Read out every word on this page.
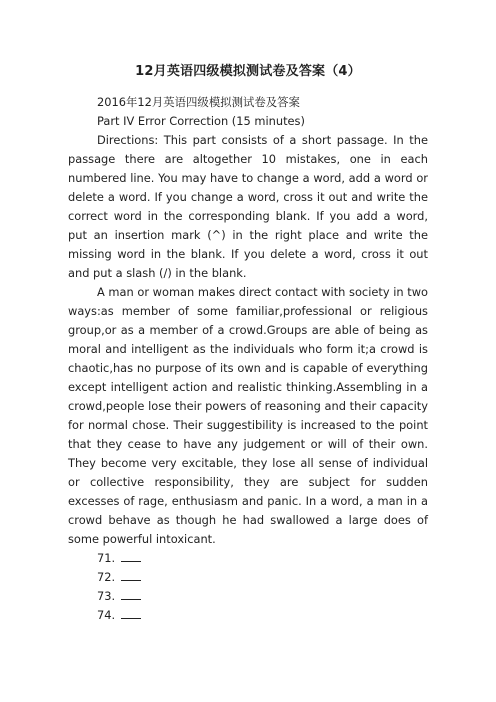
12月英语四级模拟测试卷及答案（4）

2016年12月英语四级模拟测试卷及答案

Part IV Error Correction (15 minutes)

Directions: This part consists of a short passage. In the passage there are altogether 10 mistakes, one in each numbered line. You may have to change a word, add a word or delete a word. If you change a word, cross it out and write the correct word in the corresponding blank. If you add a word, put an insertion mark (^) in the right place and write the missing word in the blank. If you delete a word, cross it out and put a slash (/) in the blank.

A man or woman makes direct contact with society in two ways:as member of some familiar,professional or religious group,or as a member of a crowd.Groups are able of being as moral and intelligent as the individuals who form it;a crowd is chaotic,has no purpose of its own and is capable of everything except intelligent action and realistic thinking.Assembling in a crowd,people lose their powers of reasoning and their capacity for normal chose. Their suggestibility is increased to the point that they cease to have any judgement or will of their own. They become very excitable, they lose all sense of individual or collective responsibility, they are subject for sudden excesses of rage, enthusiasm and panic. In a word, a man in a crowd behave as though he had swallowed a large does of some powerful intoxicant.

71.
72.
73.
74.
